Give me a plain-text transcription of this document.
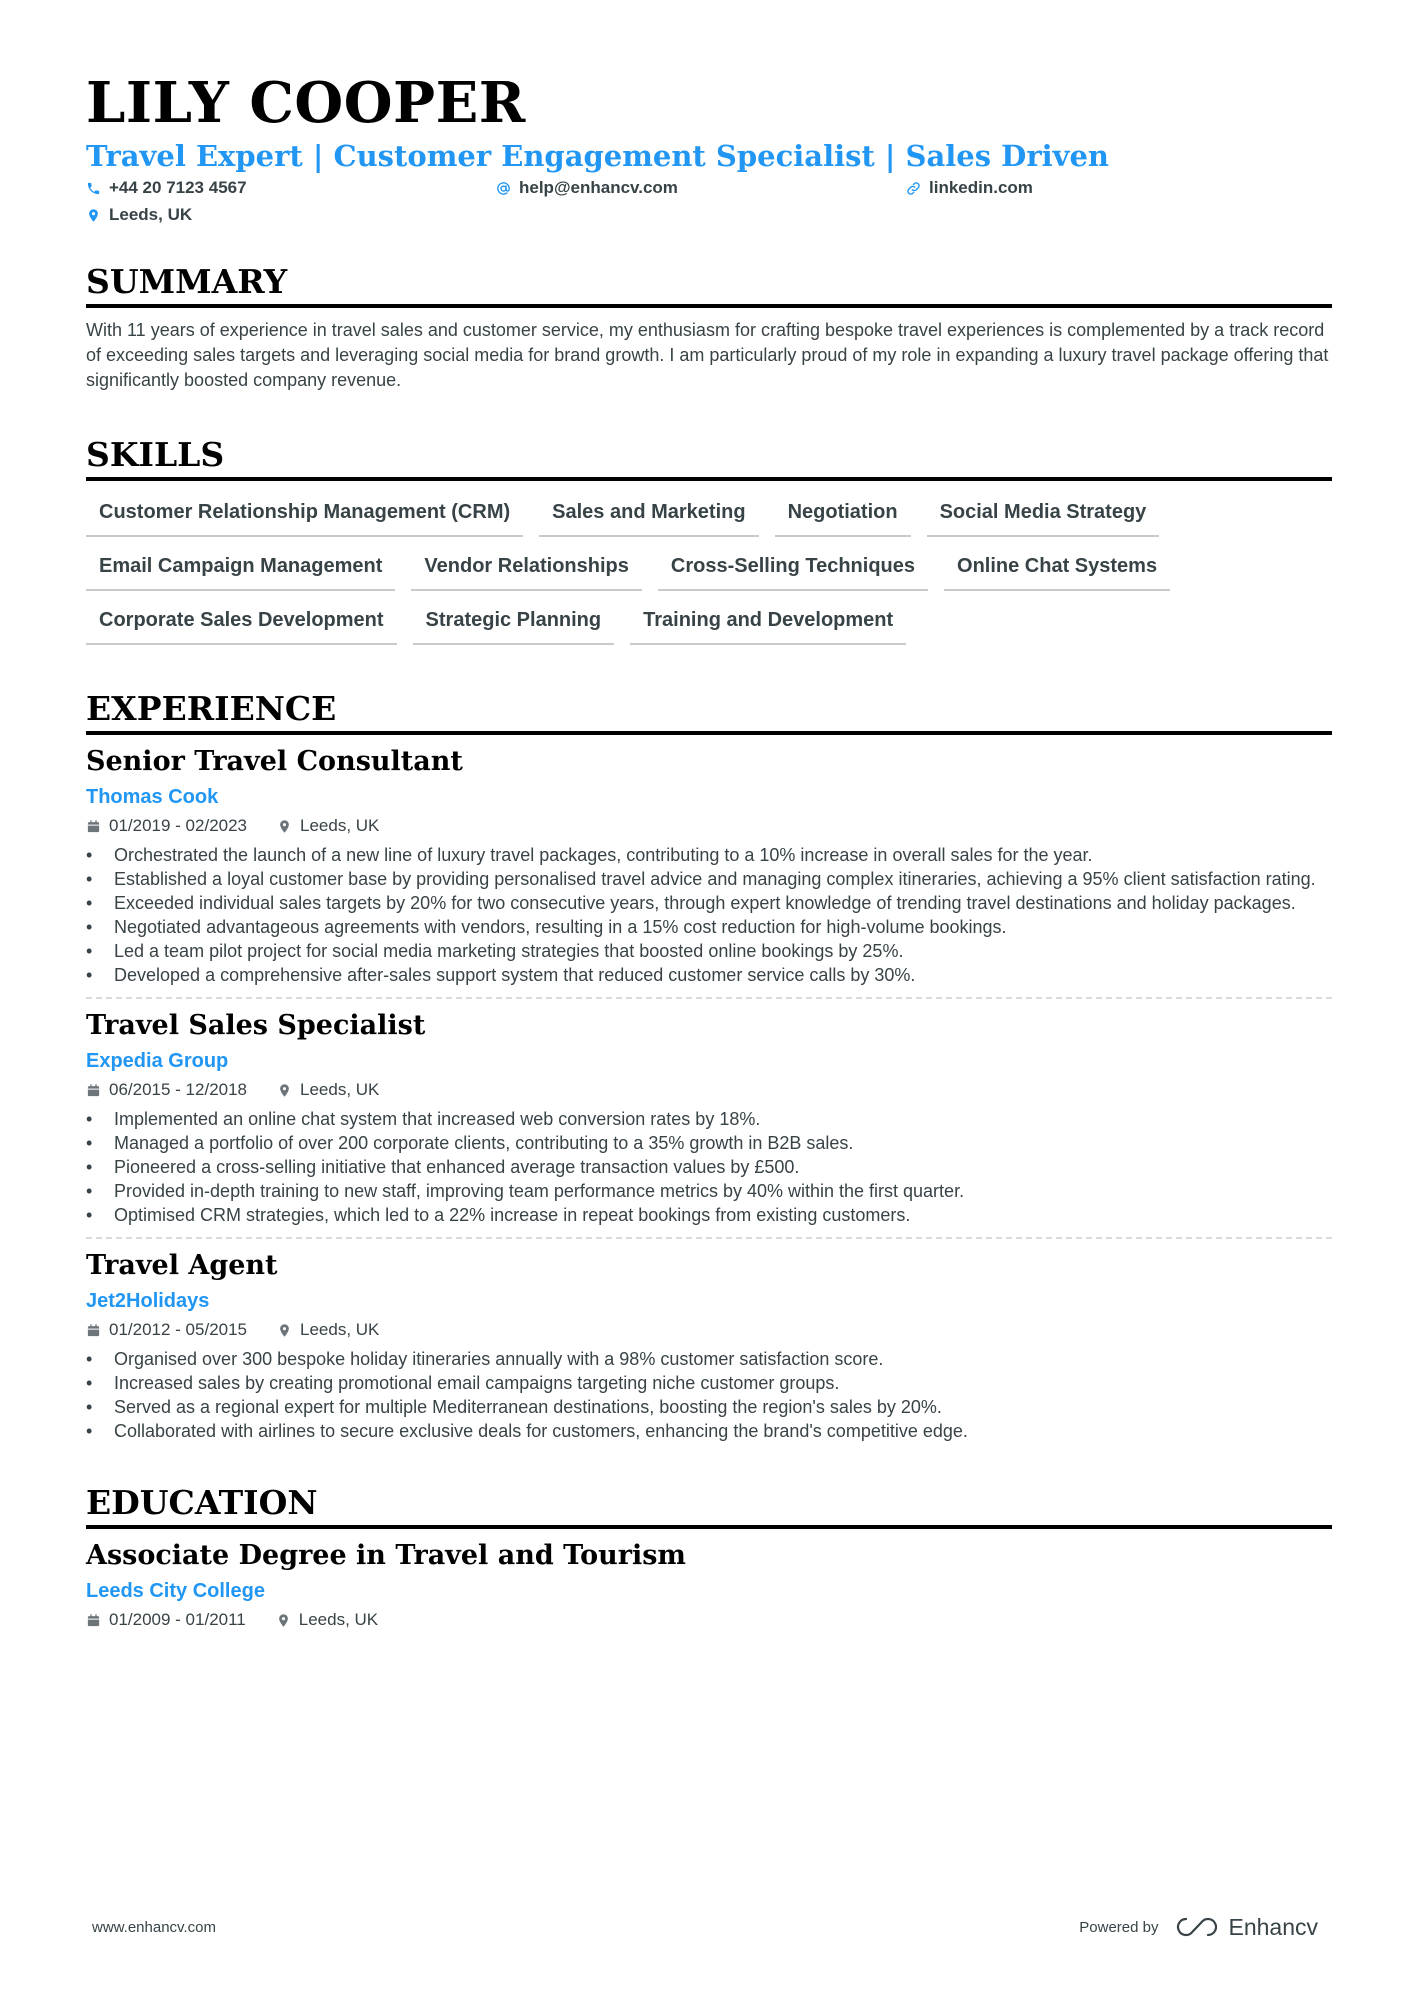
LILY COOPER
Travel Expert | Customer Engagement Specialist | Sales Driven
+44 20 7123 4567	help@enhancv.com	linkedin.com
Leeds, UK
SUMMARY

With 11 years of experience in travel sales and customer service, my enthusiasm for crafting bespoke travel experiences is complemented by a track record of exceeding sales targets and leveraging social media for brand growth. I am particularly proud of my role in expanding a luxury travel package offering that significantly boosted company revenue.

SKILLS
Customer Relationship Management (CRM)	Sales and Marketing	Negotiation	Social Media Strategy
Email Campaign Management	Vendor Relationships	Cross-Selling Techniques	Online Chat Systems
Corporate Sales Development	Strategic Planning	Training and Development
EXPERIENCE
Senior Travel Consultant
Thomas Cook
01/2019 - 02/2023	Leeds, UK
• Orchestrated the launch of a new line of luxury travel packages, contributing to a 10% increase in overall sales for the year.
• Established a loyal customer base by providing personalised travel advice and managing complex itineraries, achieving a 95% client satisfaction rating.
• Exceeded individual sales targets by 20% for two consecutive years, through expert knowledge of trending travel destinations and holiday packages.
• Negotiated advantageous agreements with vendors, resulting in a 15% cost reduction for high-volume bookings.
• Led a team pilot project for social media marketing strategies that boosted online bookings by 25%.
• Developed a comprehensive after-sales support system that reduced customer service calls by 30%.
Travel Sales Specialist
Expedia Group
06/2015 - 12/2018	Leeds, UK
• Implemented an online chat system that increased web conversion rates by 18%.
• Managed a portfolio of over 200 corporate clients, contributing to a 35% growth in B2B sales.
• Pioneered a cross-selling initiative that enhanced average transaction values by £500.
• Provided in-depth training to new staff, improving team performance metrics by 40% within the first quarter.
• Optimised CRM strategies, which led to a 22% increase in repeat bookings from existing customers.
Travel Agent
Jet2Holidays
01/2012 - 05/2015	Leeds, UK
• Organised over 300 bespoke holiday itineraries annually with a 98% customer satisfaction score.
• Increased sales by creating promotional email campaigns targeting niche customer groups.
• Served as a regional expert for multiple Mediterranean destinations, boosting the region's sales by 20%.
• Collaborated with airlines to secure exclusive deals for customers, enhancing the brand's competitive edge.
EDUCATION
Associate Degree in Travel and Tourism
Leeds City College
01/2009 - 01/2011	Leeds, UK
www.enhancv.com	Powered by	Enhancv
